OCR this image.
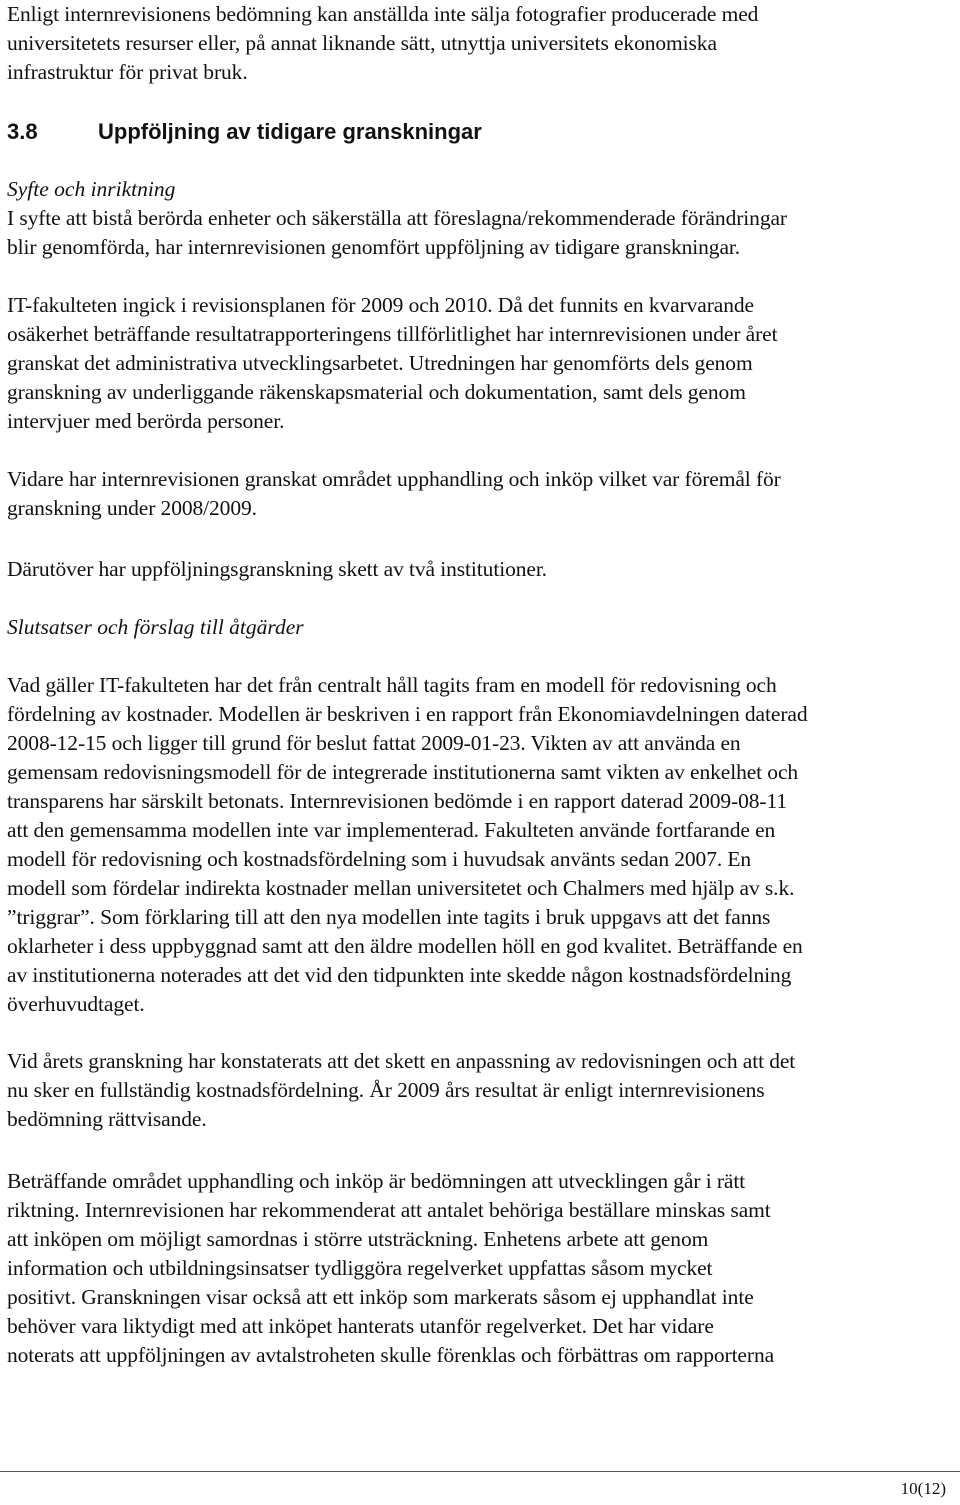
Enligt internrevisionens bedömning kan anställda inte sälja fotografier producerade med
universitetets resurser eller, på annat liknande sätt, utnyttja universitets ekonomiska
infrastruktur för privat bruk.

3.8	Uppföljning av tidigare granskningar
Syfte och inriktning

I syfte att bistå berörda enheter och säkerställa att föreslagna/rekommenderade förändringar
blir genomförda, har internrevisionen genomfört uppföljning av tidigare granskningar.

IT-fakulteten ingick i revisionsplanen för 2009 och 2010. Då det funnits en kvarvarande
osäkerhet beträffande resultatrapporteringens tillförlitlighet har internrevisionen under året
granskat det administrativa utvecklingsarbetet. Utredningen har genomförts dels genom
granskning av underliggande räkenskapsmaterial och dokumentation, samt dels genom
intervjuer med berörda personer.

Vidare har internrevisionen granskat området upphandling och inköp vilket var föremål för
granskning under 2008/2009.

Därutöver har uppföljningsgranskning skett av två institutioner.

Slutsatser och förslag till åtgärder

Vad gäller IT-fakulteten har det från centralt håll tagits fram en modell för redovisning och
fördelning av kostnader. Modellen är beskriven i en rapport från Ekonomiavdelningen daterad
2008-12-15 och ligger till grund för beslut fattat 2009-01-23. Vikten av att använda en
gemensam redovisningsmodell för de integrerade institutionerna samt vikten av enkelhet och
transparens har särskilt betonats. Internrevisionen bedömde i en rapport daterad 2009-08-11
att den gemensamma modellen inte var implementerad. Fakulteten använde fortfarande en
modell för redovisning och kostnadsfördelning som i huvudsak använts sedan 2007. En
modell som fördelar indirekta kostnader mellan universitetet och Chalmers med hjälp av s.k.
”triggrar”. Som förklaring till att den nya modellen inte tagits i bruk uppgavs att det fanns
oklarheter i dess uppbyggnad samt att den äldre modellen höll en god kvalitet. Beträffande en
av institutionerna noterades att det vid den tidpunkten inte skedde någon kostnadsfördelning
överhuvudtaget.

Vid årets granskning har konstaterats att det skett en anpassning av redovisningen och att det
nu sker en fullständig kostnadsfördelning. År 2009 års resultat är enligt internrevisionens
bedömning rättvisande.

Beträffande området upphandling och inköp är bedömningen att utvecklingen går i rätt
riktning. Internrevisionen har rekommenderat att antalet behöriga beställare minskas samt
att inköpen om möjligt samordnas i större utsträckning. Enhetens arbete att genom
information och utbildningsinsatser tydliggöra regelverket uppfattas såsom mycket
positivt. Granskningen visar också att ett inköp som markerats såsom ej upphandlat inte
behöver vara liktydigt med att inköpet hanterats utanför regelverket. Det har vidare
noterats att uppföljningen av avtalstroheten skulle förenklas och förbättras om rapporterna

10(12)
